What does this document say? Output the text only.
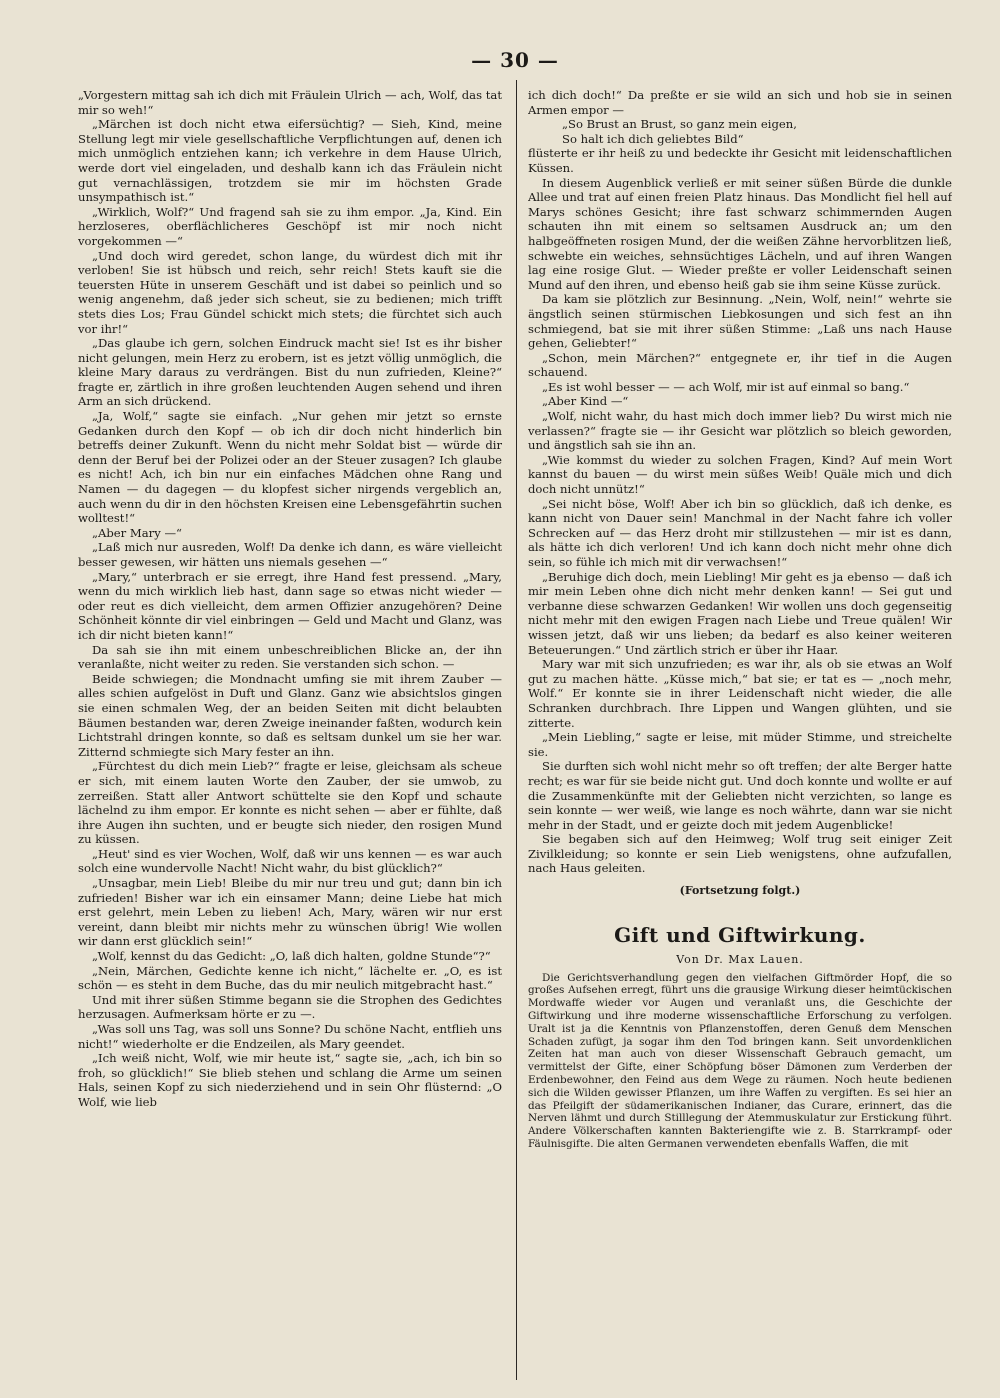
— 30 —

„Vorgestern mittag sah ich dich mit Fräulein Ulrich — ach, Wolf, das tat mir so weh!“

„Märchen ist doch nicht etwa eifersüchtig? — Sieh, Kind, meine Stellung legt mir viele gesellschaftliche Verpflichtungen auf, denen ich mich unmöglich entziehen kann; ich verkehre in dem Hause Ulrich, werde dort viel eingeladen, und deshalb kann ich das Fräulein nicht gut vernachlässigen, trotzdem sie mir im höchsten Grade unsympathisch ist.“

„Wirklich, Wolf?“ Und fragend sah sie zu ihm empor. „Ja, Kind. Ein herzloseres, oberflächlicheres Geschöpf ist mir noch nicht vorgekommen —“

„Und doch wird geredet, schon lange, du würdest dich mit ihr verloben! Sie ist hübsch und reich, sehr reich! Stets kauft sie die teuersten Hüte in unserem Geschäft und ist dabei so peinlich und so wenig angenehm, daß jeder sich scheut, sie zu bedienen; mich trifft stets dies Los; Frau Gündel schickt mich stets; die fürchtet sich auch vor ihr!“

„Das glaube ich gern, solchen Eindruck macht sie! Ist es ihr bisher nicht gelungen, mein Herz zu erobern, ist es jetzt völlig unmöglich, die kleine Mary daraus zu verdrängen. Bist du nun zufrieden, Kleine?“ fragte er, zärtlich in ihre großen leuchtenden Augen sehend und ihren Arm an sich drückend.

„Ja, Wolf,“ sagte sie einfach. „Nur gehen mir jetzt so ernste Gedanken durch den Kopf — ob ich dir doch nicht hinderlich bin betreffs deiner Zukunft. Wenn du nicht mehr Soldat bist — würde dir denn der Beruf bei der Polizei oder an der Steuer zusagen? Ich glaube es nicht! Ach, ich bin nur ein einfaches Mädchen ohne Rang und Namen — du dagegen — du klopfest sicher nirgends vergeblich an, auch wenn du dir in den höchsten Kreisen eine Lebensgefährtin suchen wolltest!“

„Aber Mary —“

„Laß mich nur ausreden, Wolf! Da denke ich dann, es wäre vielleicht besser gewesen, wir hätten uns niemals gesehen —“

„Mary,“ unterbrach er sie erregt, ihre Hand fest pressend. „Mary, wenn du mich wirklich lieb hast, dann sage so etwas nicht wieder — oder reut es dich vielleicht, dem armen Offizier anzugehören? Deine Schönheit könnte dir viel einbringen — Geld und Macht und Glanz, was ich dir nicht bieten kann!“

Da sah sie ihn mit einem unbeschreiblichen Blicke an, der ihn veranlaßte, nicht weiter zu reden. Sie verstanden sich schon. —

Beide schwiegen; die Mondnacht umfing sie mit ihrem Zauber — alles schien aufgelöst in Duft und Glanz. Ganz wie absichtslos gingen sie einen schmalen Weg, der an beiden Seiten mit dicht belaubten Bäumen bestanden war, deren Zweige ineinander faßten, wodurch kein Lichtstrahl dringen konnte, so daß es seltsam dunkel um sie her war. Zitternd schmiegte sich Mary fester an ihn.

„Fürchtest du dich mein Lieb?“ fragte er leise, gleichsam als scheue er sich, mit einem lauten Worte den Zauber, der sie umwob, zu zerreißen. Statt aller Antwort schüttelte sie den Kopf und schaute lächelnd zu ihm empor. Er konnte es nicht sehen — aber er fühlte, daß ihre Augen ihn suchten, und er beugte sich nieder, den rosigen Mund zu küssen.

„Heut' sind es vier Wochen, Wolf, daß wir uns kennen — es war auch solch eine wundervolle Nacht! Nicht wahr, du bist glücklich?“

„Unsagbar, mein Lieb! Bleibe du mir nur treu und gut; dann bin ich zufrieden! Bisher war ich ein einsamer Mann; deine Liebe hat mich erst gelehrt, mein Leben zu lieben! Ach, Mary, wären wir nur erst vereint, dann bleibt mir nichts mehr zu wünschen übrig! Wie wollen wir dann erst glücklich sein!“

„Wolf, kennst du das Gedicht: „O, laß dich halten, goldne Stunde“?“

„Nein, Märchen, Gedichte kenne ich nicht,“ lächelte er. „O, es ist schön — es steht in dem Buche, das du mir neulich mitgebracht hast.“

Und mit ihrer süßen Stimme begann sie die Strophen des Gedichtes herzusagen. Aufmerksam hörte er zu —.

„Was soll uns Tag, was soll uns Sonne? Du schöne Nacht, entflieh uns nicht!“ wiederholte er die Endzeilen, als Mary geendet.

„Ich weiß nicht, Wolf, wie mir heute ist,“ sagte sie, „ach, ich bin so froh, so glücklich!“ Sie blieb stehen und schlang die Arme um seinen Hals, seinen Kopf zu sich niederziehend und in sein Ohr flüsternd: „O Wolf, wie lieb

ich dich doch!“ Da preßte er sie wild an sich und hob sie in seinen Armen empor —

„So Brust an Brust, so ganz mein eigen,
So halt ich dich geliebtes Bild“

flüsterte er ihr heiß zu und bedeckte ihr Gesicht mit leidenschaftlichen Küssen.

In diesem Augenblick verließ er mit seiner süßen Bürde die dunkle Allee und trat auf einen freien Platz hinaus. Das Mondlicht fiel hell auf Marys schönes Gesicht; ihre fast schwarz schimmernden Augen schauten ihn mit einem so seltsamen Ausdruck an; um den halbgeöffneten rosigen Mund, der die weißen Zähne hervorblitzen ließ, schwebte ein weiches, sehnsüchtiges Lächeln, und auf ihren Wangen lag eine rosige Glut. — Wieder preßte er voller Leidenschaft seinen Mund auf den ihren, und ebenso heiß gab sie ihm seine Küsse zurück.

Da kam sie plötzlich zur Besinnung. „Nein, Wolf, nein!“ wehrte sie ängstlich seinen stürmischen Liebkosungen und sich fest an ihn schmiegend, bat sie mit ihrer süßen Stimme: „Laß uns nach Hause gehen, Geliebter!“

„Schon, mein Märchen?“ entgegnete er, ihr tief in die Augen schauend.

„Es ist wohl besser — — ach Wolf, mir ist auf einmal so bang.“

„Aber Kind —“

„Wolf, nicht wahr, du hast mich doch immer lieb? Du wirst mich nie verlassen?“ fragte sie — ihr Gesicht war plötzlich so bleich geworden, und ängstlich sah sie ihn an.

„Wie kommst du wieder zu solchen Fragen, Kind? Auf mein Wort kannst du bauen — du wirst mein süßes Weib! Quäle mich und dich doch nicht unnütz!“

„Sei nicht böse, Wolf! Aber ich bin so glücklich, daß ich denke, es kann nicht von Dauer sein! Manchmal in der Nacht fahre ich voller Schrecken auf — das Herz droht mir stillzustehen — mir ist es dann, als hätte ich dich verloren! Und ich kann doch nicht mehr ohne dich sein, so fühle ich mich mit dir verwachsen!“

„Beruhige dich doch, mein Liebling! Mir geht es ja ebenso — daß ich mir mein Leben ohne dich nicht mehr denken kann! — Sei gut und verbanne diese schwarzen Gedanken! Wir wollen uns doch gegenseitig nicht mehr mit den ewigen Fragen nach Liebe und Treue quälen! Wir wissen jetzt, daß wir uns lieben; da bedarf es also keiner weiteren Beteuerungen.“ Und zärtlich strich er über ihr Haar.

Mary war mit sich unzufrieden; es war ihr, als ob sie etwas an Wolf gut zu machen hätte. „Küsse mich,“ bat sie; er tat es — „noch mehr, Wolf.“ Er konnte sie in ihrer Leidenschaft nicht wieder, die alle Schranken durchbrach. Ihre Lippen und Wangen glühten, und sie zitterte.

„Mein Liebling,“ sagte er leise, mit müder Stimme, und streichelte sie.

Sie durften sich wohl nicht mehr so oft treffen; der alte Berger hatte recht; es war für sie beide nicht gut. Und doch konnte und wollte er auf die Zusammenkünfte mit der Geliebten nicht verzichten, so lange es sein konnte — wer weiß, wie lange es noch währte, dann war sie nicht mehr in der Stadt, und er geizte doch mit jedem Augenblicke!

Sie begaben sich auf den Heimweg; Wolf trug seit einiger Zeit Zivilkleidung; so konnte er sein Lieb wenigstens, ohne aufzufallen, nach Haus geleiten.

(Fortsetzung folgt.)

Gift und Giftwirkung.
Von Dr. Max Lauen.

Die Gerichtsverhandlung gegen den vielfachen Giftmörder Hopf, die so großes Aufsehen erregt, führt uns die grausige Wirkung dieser heimtückischen Mordwaffe wieder vor Augen und veranlaßt uns, die Geschichte der Giftwirkung und ihre moderne wissenschaftliche Erforschung zu verfolgen. Uralt ist ja die Kenntnis von Pflanzenstoffen, deren Genuß dem Menschen Schaden zufügt, ja sogar ihm den Tod bringen kann. Seit unvordenklichen Zeiten hat man auch von dieser Wissenschaft Gebrauch gemacht, um vermittelst der Gifte, einer Schöpfung böser Dämonen zum Verderben der Erdenbewohner, den Feind aus dem Wege zu räumen. Noch heute bedienen sich die Wilden gewisser Pflanzen, um ihre Waffen zu vergiften. Es sei hier an das Pfeilgift der südamerikanischen Indianer, das Curare, erinnert, das die Nerven lähmt und durch Stilllegung der Atemmuskulatur zur Erstickung führt. Andere Völkerschaften kannten Bakteriengifte wie z. B. Starrkrampf- oder Fäulnisgifte. Die alten Germanen verwendeten ebenfalls Waffen, die mit
